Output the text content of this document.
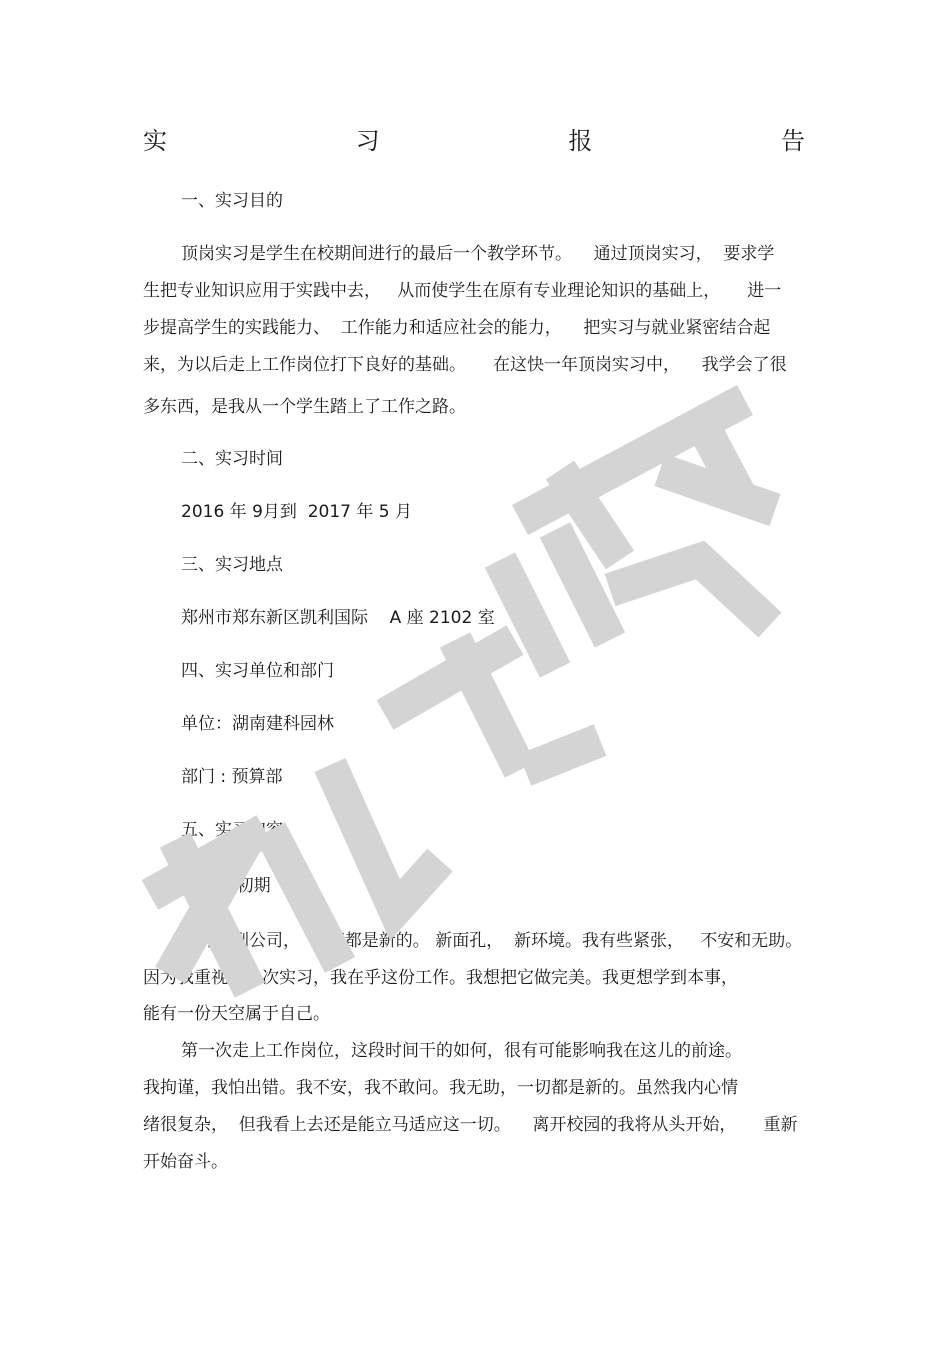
实	习	报	告
一、实习目的
顶岗实习是学生在校期间进行的最后一个教学环节。    通过顶岗实习，  要求学
生把专业知识应用于实践中去，   从而使学生在原有专业理论知识的基础上，     进一
步提高学生的实践能力、  工作能力和适应社会的能力，    把实习与就业紧密结合起
来，为以后走上工作岗位打下良好的基础。     在这快一年顶岗实习中，    我学会了很
多东西，是我从一个学生踏上了工作之路。
二、实习时间
2016 年 9月到  2017 年 5 月
三、实习地点
郑州市郑东新区凯利国际    A 座 2102 室
四、实习单位和部门
单位：湖南建科园林
部门 : 预算部
五、实习内容
1. 实习初期
刚开始到公司，  一切都是新的。 新面孔，  新环境。我有些紧张，   不安和无助。
因为我重视第一次实习，我在乎这份工作。我想把它做完美。我更想学到本事，
能有一份天空属于自己。
第一次走上工作岗位，这段时间干的如何，很有可能影响我在这儿的前途。
我拘谨，我怕出错。我不安，我不敢问。我无助，一切都是新的。虽然我内心情
绪很复杂，  但我看上去还是能立马适应这一切。    离开校园的我将从头开始，     重新
开始奋斗。
